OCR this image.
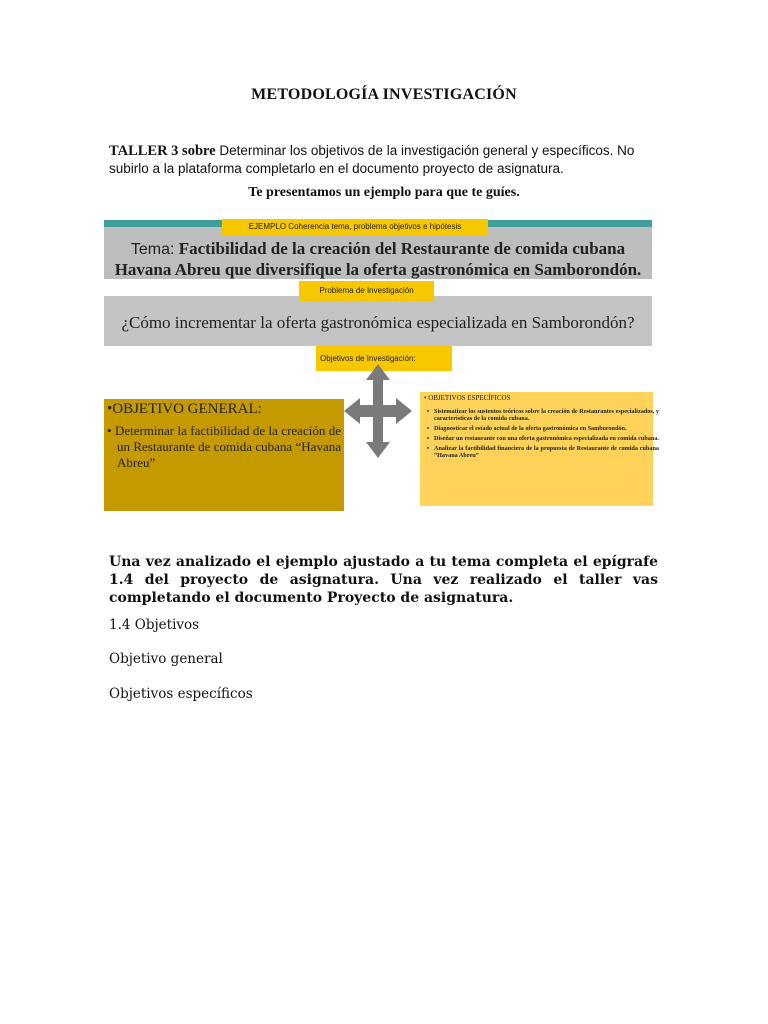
METODOLOGÍA INVESTIGACIÓN
TALLER 3 sobre Determinar los objetivos de la investigación general y específicos. No subirlo a la plataforma completarlo en el documento proyecto de asignatura.
Te presentamos un ejemplo para que te guíes.
EJEMPLO Coherencia tema, problema objetivos e hipótesis
Tema: Factibilidad de la creación del Restaurante de comida cubana Havana Abreu que diversifique la oferta gastronómica en Samborondón.
Problema de Investigación
¿Cómo incrementar la oferta gastronómica especializada en Samborondón?
•OBJETIVO GENERAL:
• Determinar la factibilidad de la creación de un Restaurante de comida cubana “Havana Abreu”
• OBJETIVOS ESPECÍFICOS
• Sistematizar los sustentos teóricos sobre la creación de Restaurantes especializados, y características de la comida cubana.
• Diagnosticar el estado actual de la oferta gastronómica en Samborondón.
• Diseñar un restaurante con una oferta gastronómica especializada en comida cubana.
• Analizar la factibilidad financiera de la propuesta de Restaurante de comida cubana “Havana Abreu”
Objetivos de Investigación:
Una vez analizado el ejemplo ajustado a tu tema completa el epígrafe 1.4 del proyecto de asignatura. Una vez realizado el taller vas completando el documento Proyecto de asignatura.
1.4 Objetivos
Objetivo general
Objetivos específicos
